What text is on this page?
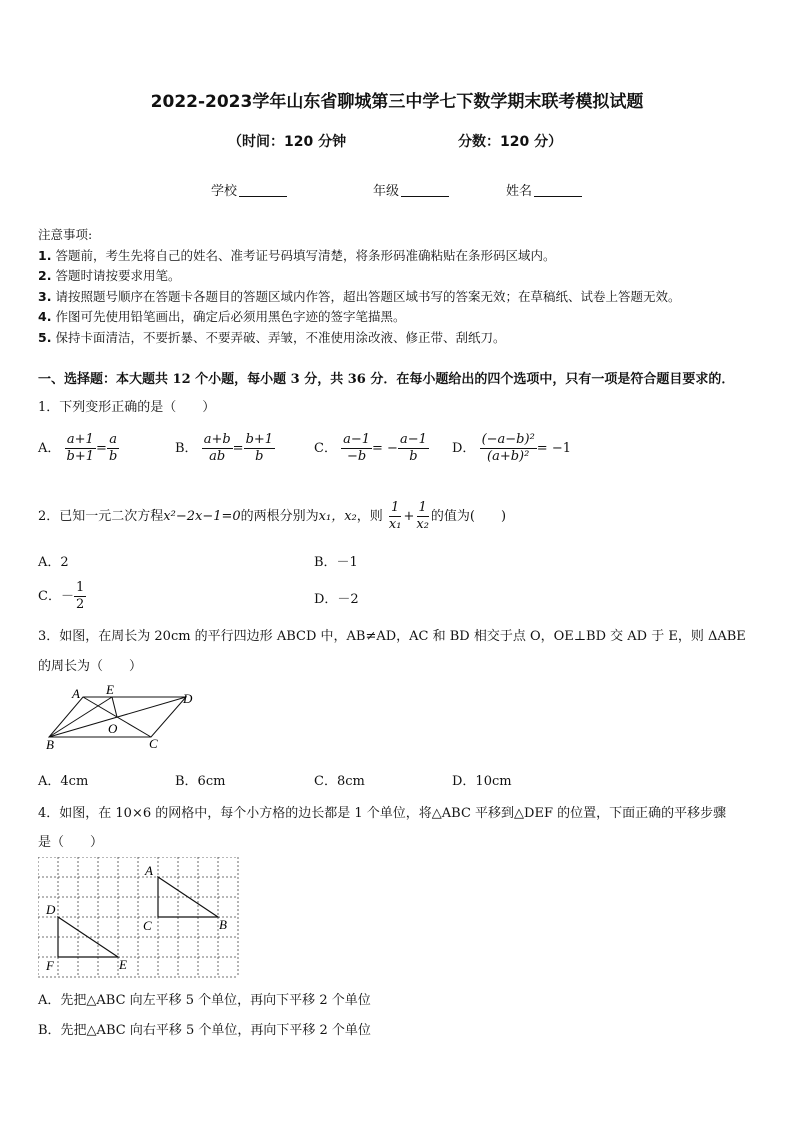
2022-2023学年山东省聊城第三中学七下数学期末联考模拟试题
（时间：120 分钟	分数：120 分）
学校	年级	姓名
注意事项:
1. 答题前，考生先将自己的姓名、准考证号码填写清楚，将条形码准确粘贴在条形码区域内。
2. 答题时请按要求用笔。
3. 请按照题号顺序在答题卡各题目的答题区域内作答，超出答题区域书写的答案无效；在草稿纸、试卷上答题无效。
4. 作图可先使用铅笔画出，确定后必须用黑色字迹的签字笔描黑。
5. 保持卡面清洁，不要折暴、不要弄破、弄皱，不准使用涂改液、修正带、刮纸刀。
一、选择题：本大题共 12 个小题，每小题 3 分，共 36 分．在每小题给出的四个选项中，只有一项是符合题目要求的．
1．下列变形正确的是（　　）
A． $\frac{a+1}{b+1} = \frac{a}{b}$	B． $\frac{a+b}{ab} = \frac{b+1}{b}$	C． $\frac{a-1}{-b}$ = − $\frac{a-1}{b}$ D． $\frac{\text{(−a−b)²}}{\text{(a+b)²}} = -1$
2．已知一元二次方程x²−2x−1=0的两根分别为x₁，x₂，则 $\frac{1}{\text{x₁}} + \frac{1}{\text{x₂}}$ 的值为(　　)
A．2	B．－1
C．－ $\frac{1}{2}$	D．－2
3．如图，在周长为 20cm 的平行四边形 ABCD 中，AB≠AD，AC 和 BD 相交于点 O，OE⊥BD 交 AD 于 E，则 ΔABE
的周长为（　　）
A E
D
O
B	C
A．4cm	B．6cm	C．8cm	D．10cm
4．如图，在 10×6 的网格中，每个小方格的边长都是 1 个单位，将△ABC 平移到△DEF 的位置，下面正确的平移步骤
是（　　）
A
B
C
D
E
F
A．先把△ABC 向左平移 5 个单位，再向下平移 2 个单位
B．先把△ABC 向右平移 5 个单位，再向下平移 2 个单位
